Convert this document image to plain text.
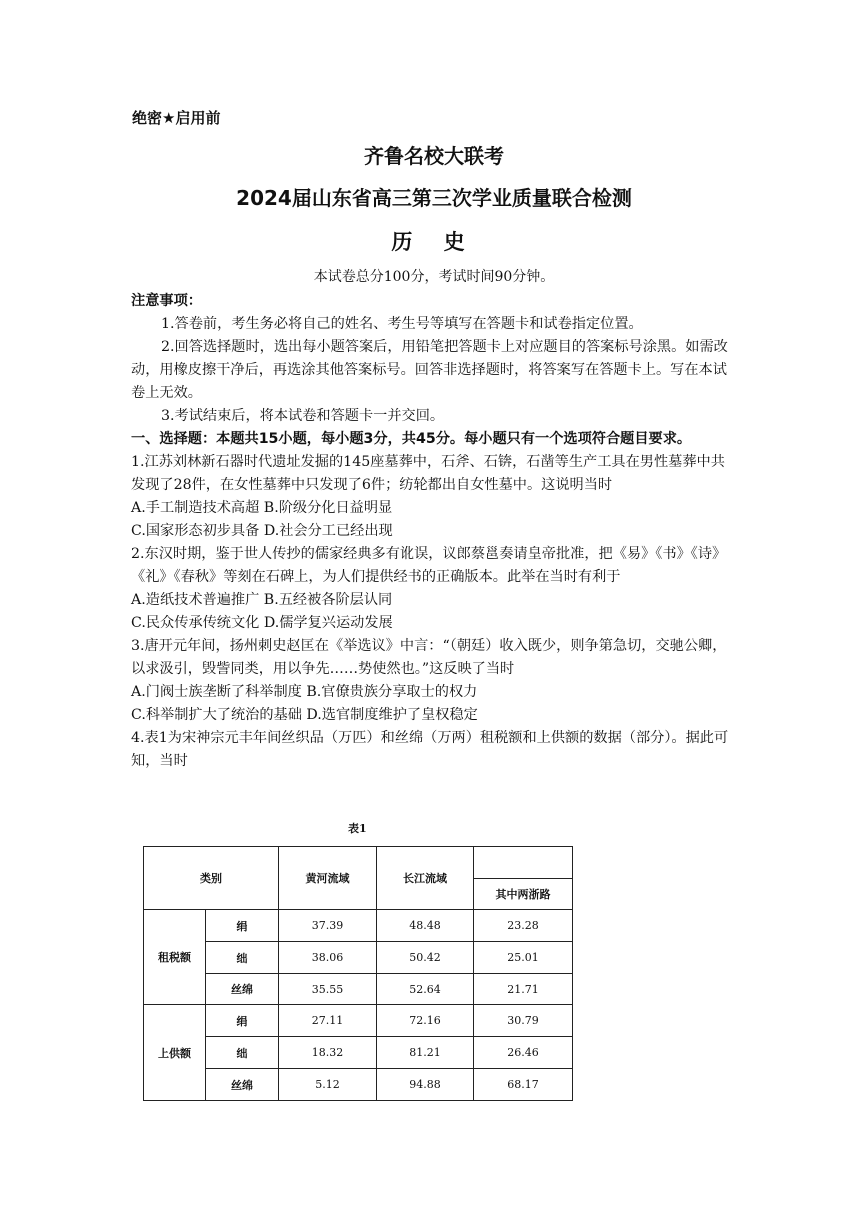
绝密★启用前
齐鲁名校大联考
2024届山东省高三第三次学业质量联合检测
历 史
本试卷总分100分，考试时间90分钟。

注意事项：

1.答卷前，考生务必将自己的姓名、考生号等填写在答题卡和试卷指定位置。

2.回答选择题时，选出每小题答案后，用铅笔把答题卡上对应题目的答案标号涂黑。如需改动，用橡皮擦干净后，再选涂其他答案标号。回答非选择题时，将答案写在答题卡上。写在本试卷上无效。

3.考试结束后，将本试卷和答题卡一并交回。

一、选择题：本题共15小题，每小题3分，共45分。每小题只有一个选项符合题目要求。

1.江苏刘林新石器时代遗址发掘的145座墓葬中，石斧、石锛，石凿等生产工具在男性墓葬中共发现了28件，在女性墓葬中只发现了6件；纺轮都出自女性墓中。这说明当时

A.手工制造技术高超 B.阶级分化日益明显

C.国家形态初步具备 D.社会分工已经出现

2.东汉时期，鉴于世人传抄的儒家经典多有讹误，议郎蔡邕奏请皇帝批准，把《易》《书》《诗》《礼》《春秋》等刻在石碑上，为人们提供经书的正确版本。此举在当时有利于

A.造纸技术普遍推广 B.五经被各阶层认同

C.民众传承传统文化 D.儒学复兴运动发展

3.唐开元年间，扬州刺史赵匡在《举选议》中言：“（朝廷）收入既少，则争第急切，交驰公卿，以求汲引，毁訾同类，用以争先……势使然也。”这反映了当时

A.门阀士族垄断了科举制度 B.官僚贵族分享取士的权力

C.科举制扩大了统治的基础 D.选官制度维护了皇权稳定

4.表1为宋神宗元丰年间丝织品（万匹）和丝绵（万两）租税额和上供额的数据（部分）。据此可知，当时

表1
类别		黄河流域	长江流域	
				其中两浙路
租税额	绢	37.39	48.48	23.28
	绌	38.06	50.42	25.01
	丝绵	35.55	52.64	21.71
上供额	绢	27.11	72.16	30.79
	绌	18.32	81.21	26.46
	丝绵	5.12	94.88	68.17
